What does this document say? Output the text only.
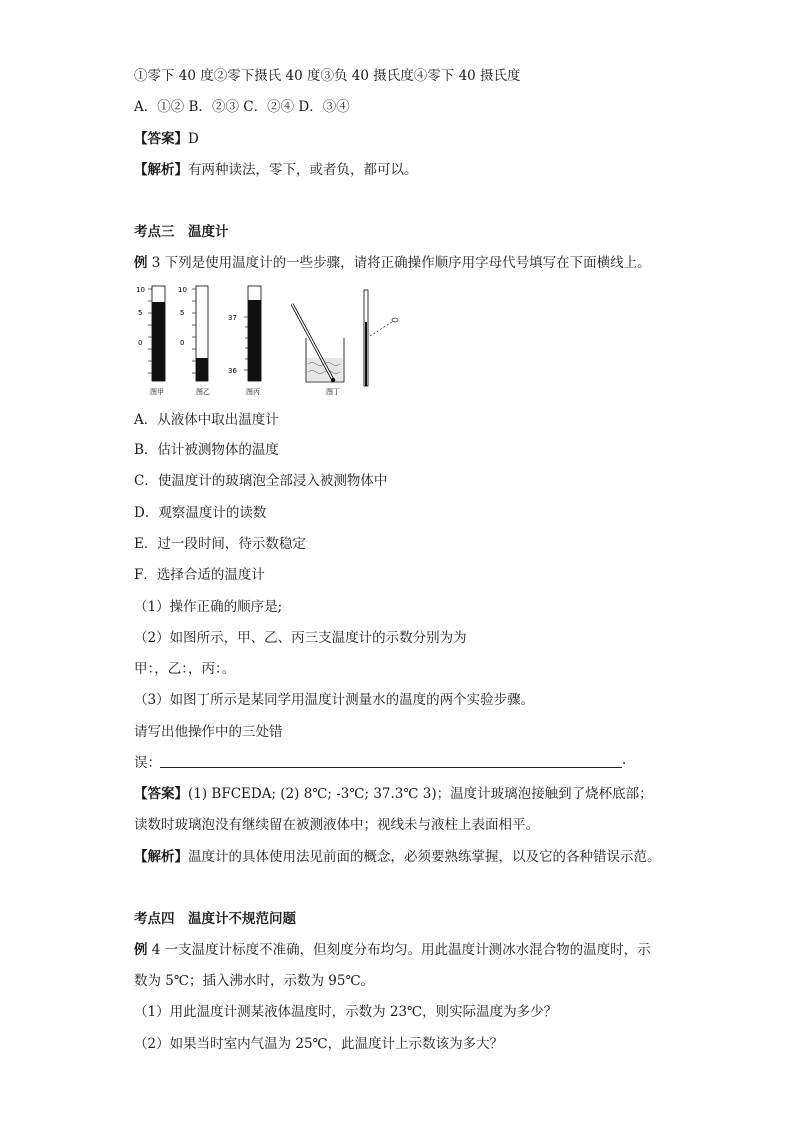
①零下 40 度②零下摄氏 40 度③负 40 摄氏度④零下 40 摄氏度
A．①② B．②③ C．②④ D．③④
【答案】D
【解析】有两种读法，零下，或者负，都可以。
考点三　温度计
例 3 下列是使用温度计的一些步骤，请将正确操作顺序用字母代号填写在下面横线上。
10
5
0
图甲
10
5
0
图乙
37
36
图丙	图丁
A．从液体中取出温度计
B．估计被测物体的温度
C．使温度计的玻璃泡全部浸入被测物体中
D．观察温度计的读数
E．过一段时间，待示数稳定
F．选择合适的温度计
（1）操作正确的顺序是;
（2）如图所示，甲、乙、丙三支温度计的示数分别为为
甲：，乙：，丙：。
（3）如图丁所示是某同学用温度计测量水的温度的两个实验步骤。
请写出他操作中的三处错
误：	.
【答案】(1) BFCEDA; (2) 8℃; -3℃; 37.3℃ 3)；温度计玻璃泡接触到了烧杯底部；
读数时玻璃泡没有继续留在被测液体中；视线未与液柱上表面相平。
【解析】温度计的具体使用法见前面的概念，必须要熟练掌握，以及它的各种错误示范。
考点四　温度计不规范问题
例 4 一支温度计标度不准确，但刻度分布均匀。用此温度计测冰水混合物的温度时，示
数为 5℃；插入沸水时，示数为 95℃。
（1）用此温度计测某液体温度时，示数为 23℃，则实际温度为多少？
（2）如果当时室内气温为 25℃，此温度计上示数该为多大？
